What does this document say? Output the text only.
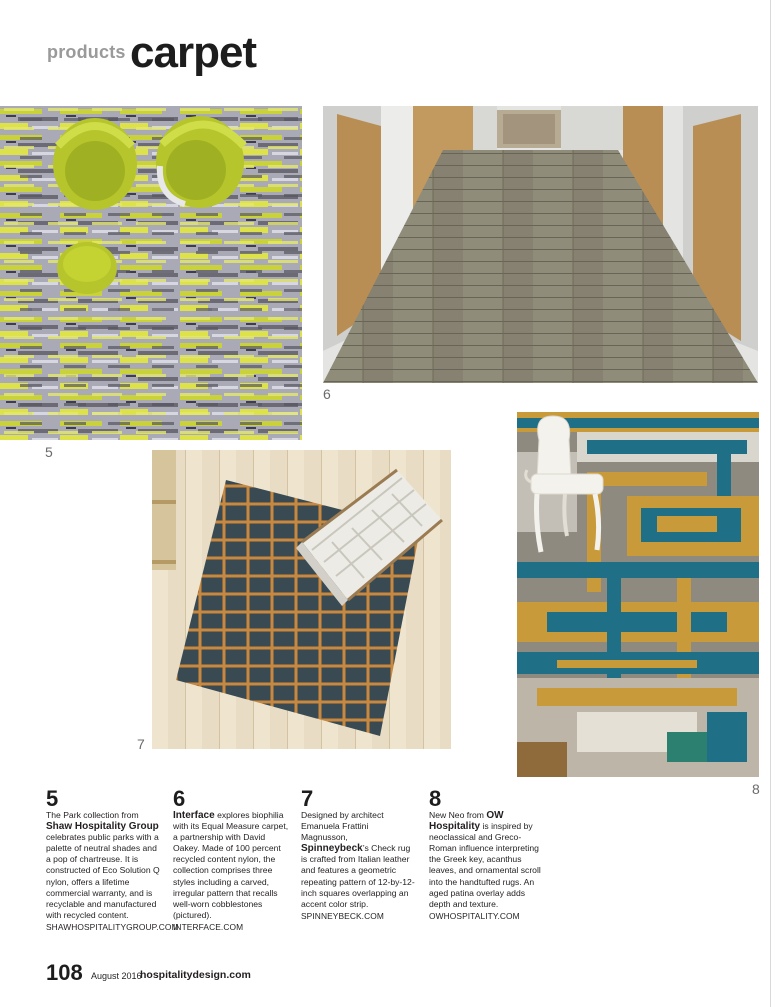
products carpet
5
6
7
8
5
The Park collection from Shaw Hospitality Group celebrates public parks with a palette of neutral shades and a pop of chartreuse. It is constructed of Eco Solution Q nylon, offers a lifetime commercial warranty, and is recyclable and manufactured with recycled content.
SHAWHOSPITALITYGROUP.COM
6
Interface explores biophilia with its Equal Measure carpet, a partnership with David Oakey. Made of 100 percent recycled content nylon, the collection comprises three styles including a carved, irregular pattern that recalls well-worn cobblestones (pictured).
INTERFACE.COM
7
Designed by architect Emanuela Frattini Magnusson, Spinneybeck’s Check rug is crafted from Italian leather and features a geometric repeating pattern of 12-by-12-inch squares overlapping an accent color strip.
SPINNEYBECK.COM
8
New Neo from OW Hospitality is inspired by neoclassical and Greco-Roman influence interpreting the Greek key, acanthus leaves, and ornamental scroll into the handtufted rugs. An aged patina overlay adds depth and texture.
OWHOSPITALITY.COM
108 August 2016
hospitalitydesign.com
